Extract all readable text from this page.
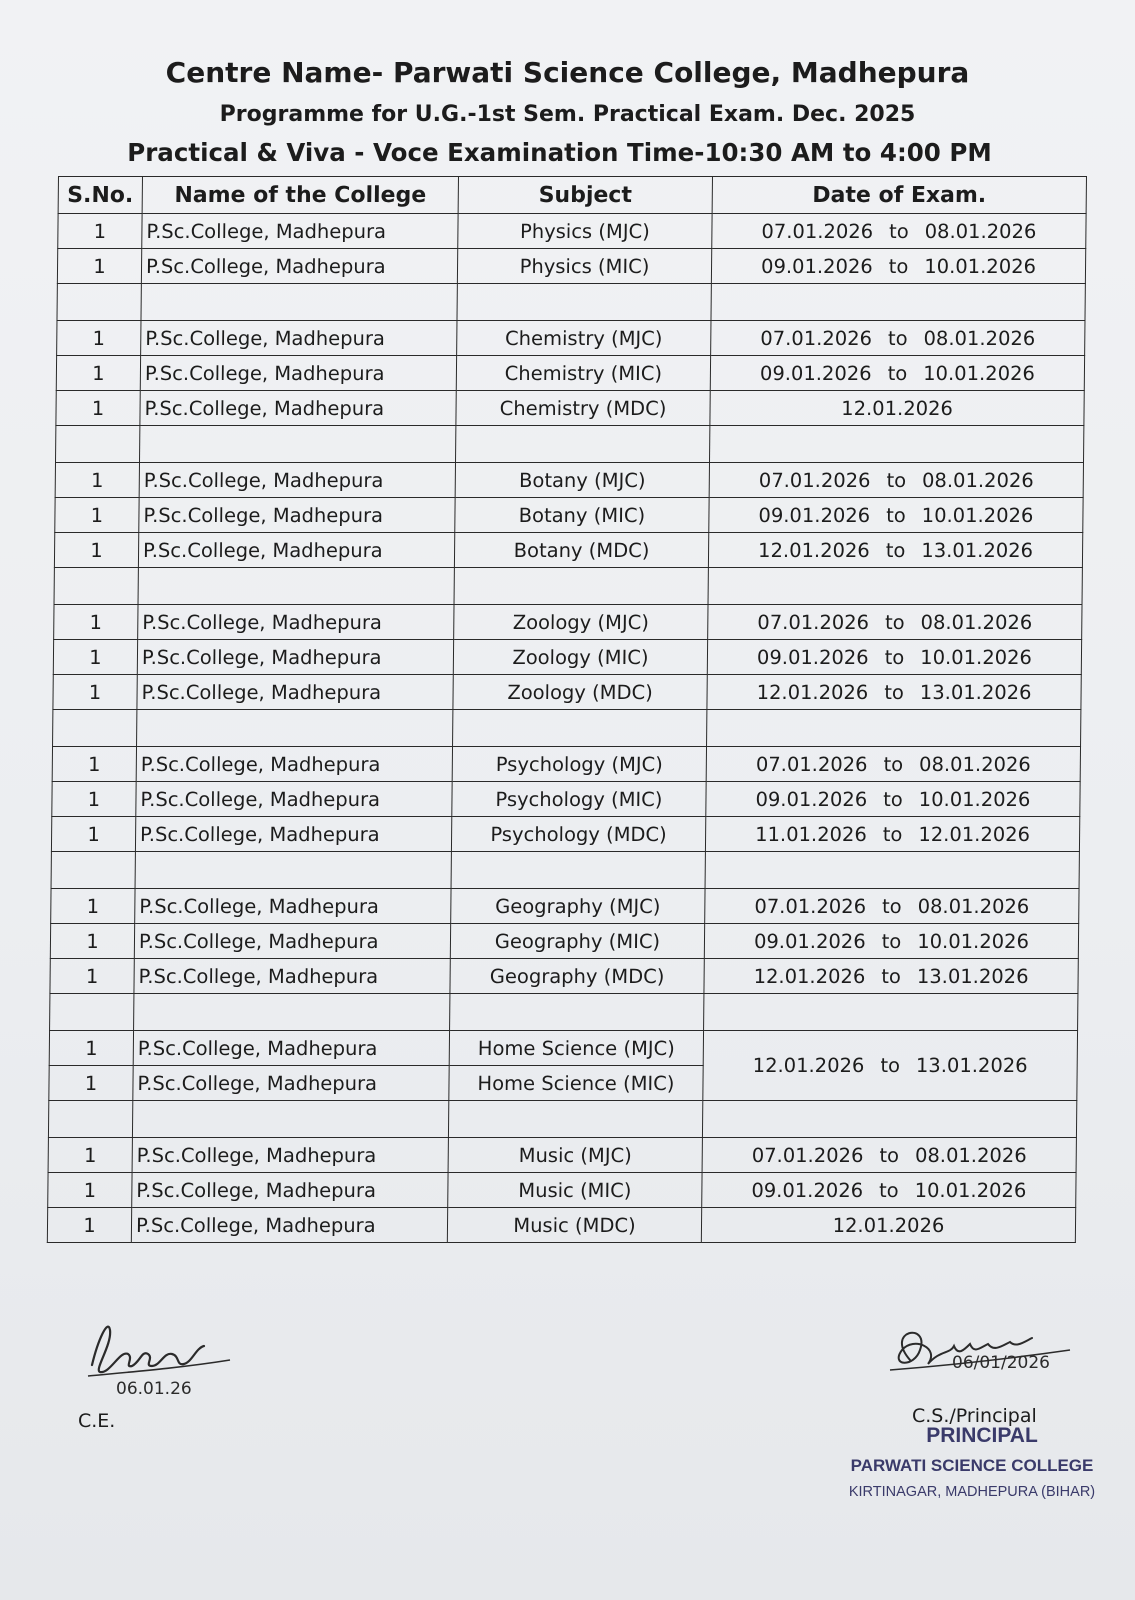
Centre Name- Parwati Science College, Madhepura
Programme for U.G.-1st Sem. Practical Exam. Dec. 2025
Practical & Viva - Voce Examination Time-10:30 AM to 4:00 PM
S.No.	Name of the College	Subject	Date of Exam.
1	P.Sc.College, Madhepura	Physics (MJC)	07.01.2026 to 08.01.2026
1	P.Sc.College, Madhepura	Physics (MIC)	09.01.2026 to 10.01.2026

1	P.Sc.College, Madhepura	Chemistry (MJC)	07.01.2026 to 08.01.2026
1	P.Sc.College, Madhepura	Chemistry (MIC)	09.01.2026 to 10.01.2026
1	P.Sc.College, Madhepura	Chemistry (MDC)	12.01.2026

1	P.Sc.College, Madhepura	Botany (MJC)	07.01.2026 to 08.01.2026
1	P.Sc.College, Madhepura	Botany (MIC)	09.01.2026 to 10.01.2026
1	P.Sc.College, Madhepura	Botany (MDC)	12.01.2026 to 13.01.2026

1	P.Sc.College, Madhepura	Zoology (MJC)	07.01.2026 to 08.01.2026
1	P.Sc.College, Madhepura	Zoology (MIC)	09.01.2026 to 10.01.2026
1	P.Sc.College, Madhepura	Zoology (MDC)	12.01.2026 to 13.01.2026

1	P.Sc.College, Madhepura	Psychology (MJC)	07.01.2026 to 08.01.2026
1	P.Sc.College, Madhepura	Psychology (MIC)	09.01.2026 to 10.01.2026
1	P.Sc.College, Madhepura	Psychology (MDC)	11.01.2026 to 12.01.2026

1	P.Sc.College, Madhepura	Geography (MJC)	07.01.2026 to 08.01.2026
1	P.Sc.College, Madhepura	Geography (MIC)	09.01.2026 to 10.01.2026
1	P.Sc.College, Madhepura	Geography (MDC)	12.01.2026 to 13.01.2026

1	P.Sc.College, Madhepura	Home Science (MJC)	12.01.2026 to 13.01.2026
1	P.Sc.College, Madhepura	Home Science (MIC)	

1	P.Sc.College, Madhepura	Music (MJC)	07.01.2026 to 08.01.2026
1	P.Sc.College, Madhepura	Music (MIC)	09.01.2026 to 10.01.2026
1	P.Sc.College, Madhepura	Music (MDC)	12.01.2026
06.01.26
C.E.
06/01/2026
C.S./Principal
PRINCIPAL
PARWATI SCIENCE COLLEGE
KIRTINAGAR, MADHEPURA (BIHAR)
